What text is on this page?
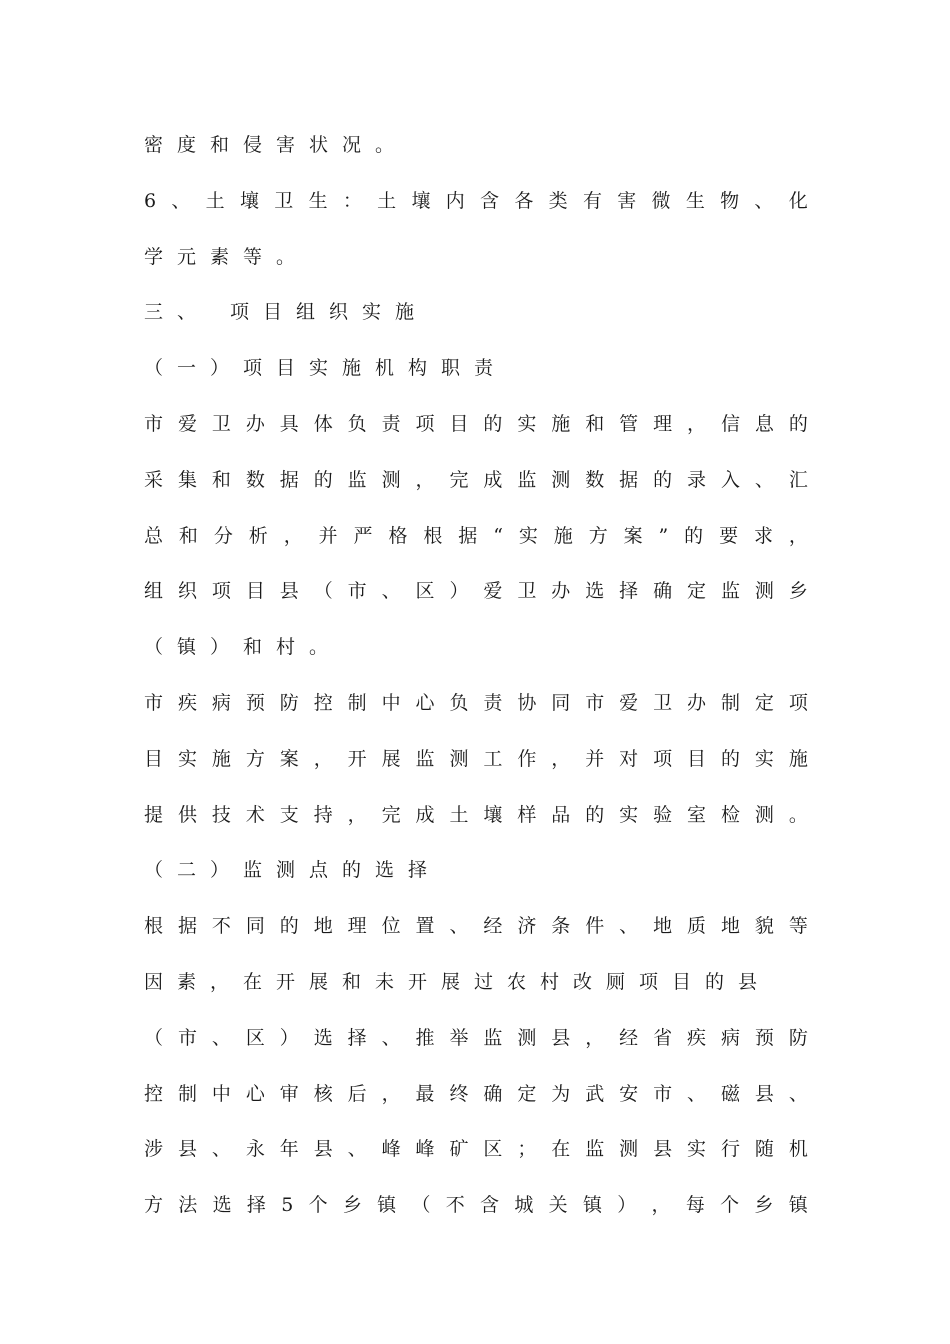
密度和侵害状况。
6 、 土 壤 卫 生 ： 土 壤 内 含 各 类 有 害 微 生 物 、 化
学元素等。
三、 项目组织实施
（一）项目实施机构职责
市 爱 卫 办 具 体 负 责 项 目 的 实 施 和 管 理 ， 信 息 的
采 集 和 数 据 的 监 测 ， 完 成 监 测 数 据 的 录 入 、 汇
总 和 分 析 ， 并 严 格 根 据 “ 实 施 方 案 ” 的 要 求 ，
组 织 项 目 县 （ 市 、 区 ） 爱 卫 办 选 择 确 定 监 测 乡
（镇）和村。
市 疾 病 预 防 控 制 中 心 负 责 协 同 市 爱 卫 办 制 定 项
目 实 施 方 案 ， 开 展 监 测 工 作 ， 并 对 项 目 的 实 施
提 供 技 术 支 持 ， 完 成 土 壤 样 品 的 实 验 室 检 测 。
（二）监测点的选择
根 据 不 同 的 地 理 位 置 、 经 济 条 件 、 地 质 地 貌 等
因素，在开展和未开展过农村改厕项目的县
（ 市 、 区 ） 选 择 、 推 举 监 测 县 ， 经 省 疾 病 预 防
控 制 中 心 审 核 后 ， 最 终 确 定 为 武 安 市 、 磁 县 、
涉 县 、 永 年 县 、 峰 峰 矿 区 ； 在 监 测 县 实 行 随 机
方 法 选 择 5 个 乡 镇 （ 不 含 城 关 镇 ） ， 每 个 乡 镇
